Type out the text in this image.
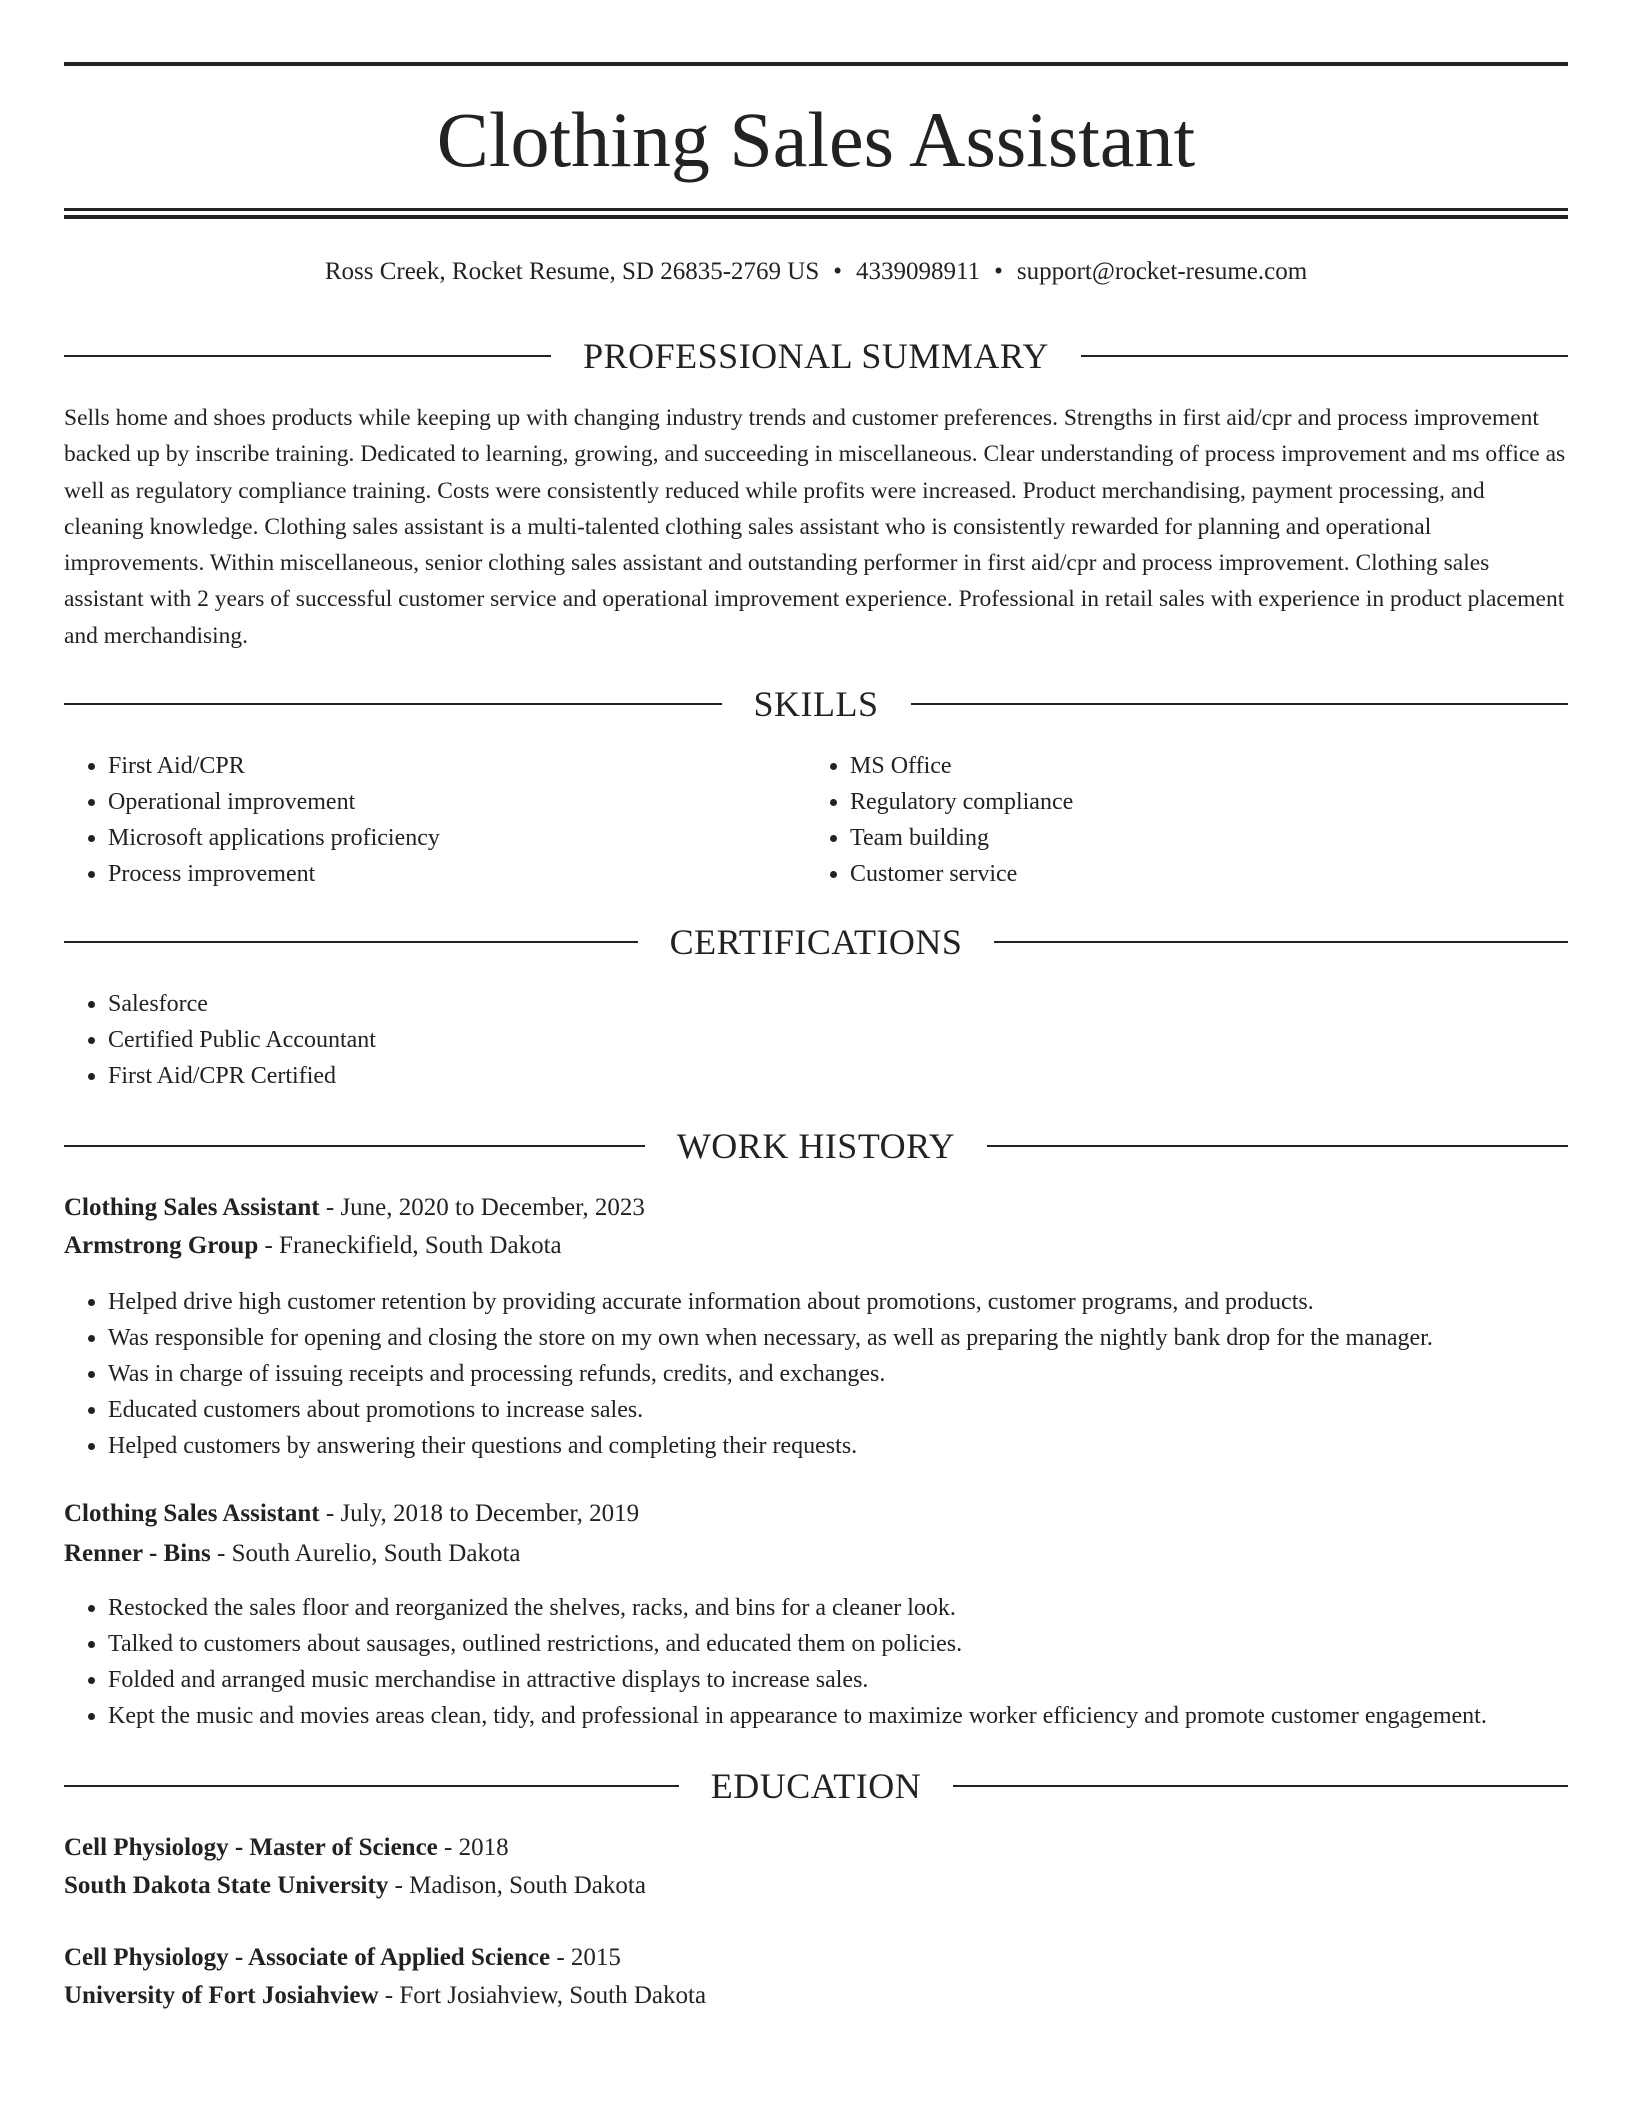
Clothing Sales Assistant
Ross Creek, Rocket Resume, SD 26835-2769 US • 4339098911 • support@rocket-resume.com
PROFESSIONAL SUMMARY

Sells home and shoes products while keeping up with changing industry trends and customer preferences. Strengths in first aid/cpr and process improvement backed up by inscribe training. Dedicated to learning, growing, and succeeding in miscellaneous. Clear understanding of process improvement and ms office as well as regulatory compliance training. Costs were consistently reduced while profits were increased. Product merchandising, payment processing, and cleaning knowledge. Clothing sales assistant is a multi-talented clothing sales assistant who is consistently rewarded for planning and operational improvements. Within miscellaneous, senior clothing sales assistant and outstanding performer in first aid/cpr and process improvement. Clothing sales assistant with 2 years of successful customer service and operational improvement experience. Professional in retail sales with experience in product placement and merchandising.

SKILLS
• First Aid/CPR
• Operational improvement
• Microsoft applications proficiency
• Process improvement
• MS Office
• Regulatory compliance
• Team building
• Customer service
CERTIFICATIONS
• Salesforce
• Certified Public Accountant
• First Aid/CPR Certified
WORK HISTORY
Clothing Sales Assistant - June, 2020 to December, 2023
Armstrong Group - Franeckifield, South Dakota
• Helped drive high customer retention by providing accurate information about promotions, customer programs, and products.
• Was responsible for opening and closing the store on my own when necessary, as well as preparing the nightly bank drop for the manager.
• Was in charge of issuing receipts and processing refunds, credits, and exchanges.
• Educated customers about promotions to increase sales.
• Helped customers by answering their questions and completing their requests.
Clothing Sales Assistant - July, 2018 to December, 2019
Renner - Bins - South Aurelio, South Dakota
• Restocked the sales floor and reorganized the shelves, racks, and bins for a cleaner look.
• Talked to customers about sausages, outlined restrictions, and educated them on policies.
• Folded and arranged music merchandise in attractive displays to increase sales.
• Kept the music and movies areas clean, tidy, and professional in appearance to maximize worker efficiency and promote customer engagement.
EDUCATION
Cell Physiology - Master of Science - 2018
South Dakota State University - Madison, South Dakota
Cell Physiology - Associate of Applied Science - 2015
University of Fort Josiahview - Fort Josiahview, South Dakota
